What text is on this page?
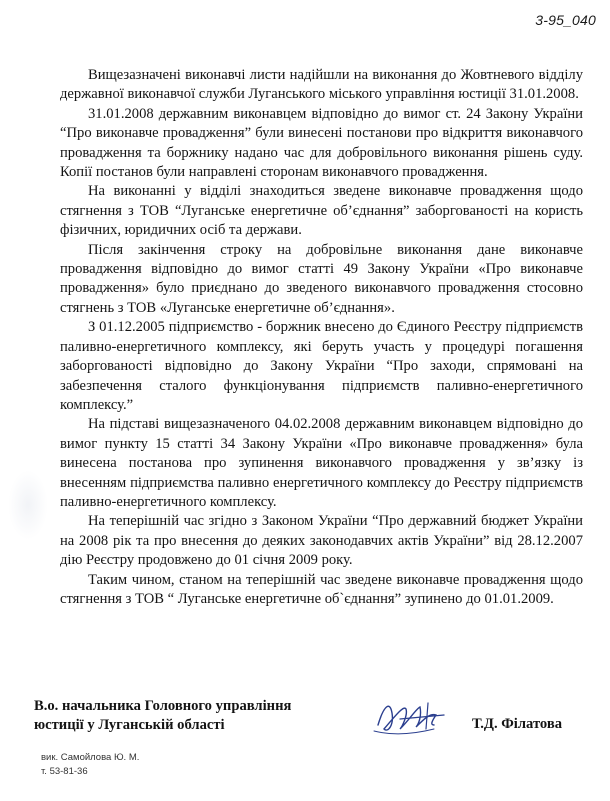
3-95_040

Вищезазначені виконавчі листи надійшли на виконання до Жовтневого відділу державної виконавчої служби Луганського міського управління юстиції 31.01.2008.

31.01.2008 державним виконавцем відповідно до вимог ст. 24 Закону України “Про виконавче провадження” були винесені постанови про відкриття виконавчого провадження та боржнику надано час для добровільного виконання рішень суду. Копії постанов були направлені сторонам виконавчого провадження.

На виконанні у відділі знаходиться зведене виконавче провадження щодо стягнення з ТОВ “Луганське енергетичне об’єднання” заборгованості на користь фізичних, юридичних осіб та держави.

Після закінчення строку на добровільне виконання дане виконавче провадження відповідно до вимог статті 49 Закону України «Про виконавче провадження» було приєднано до зведеного виконавчого провадження стосовно стягнень з ТОВ «Луганське енергетичне об’єднання».

З 01.12.2005 підприємство - боржник внесено до Єдиного Реєстру підприємств паливно-енергетичного комплексу, які беруть участь у процедурі погашення заборгованості відповідно до Закону України “Про заходи, спрямовані на забезпечення сталого функціонування підприємств паливно-енергетичного комплексу.”

На підставі вищезазначеного 04.02.2008 державним виконавцем відповідно до вимог пункту 15 статті 34 Закону України «Про виконавче провадження» була винесена постанова про зупинення виконавчого провадження у зв’язку із внесенням підприємства паливно енергетичного комплексу до Реєстру підприємств паливно-енергетичного комплексу.

На теперішній час згідно з Законом України “Про державний бюджет України на 2008 рік та про внесення до деяких законодавчих актів України” від 28.12.2007 дію Реєстру продовжено до 01 січня 2009 року.

Таким чином, станом на теперішній час зведене виконавче провадження щодо стягнення з ТОВ “ Луганське енергетичне об`єднання” зупинено до 01.01.2009.

В.о. начальника Головного управління
юстиції у Луганській області	Т.Д. Філатова
вик. Самойлова Ю. М.
т. 53-81-36
